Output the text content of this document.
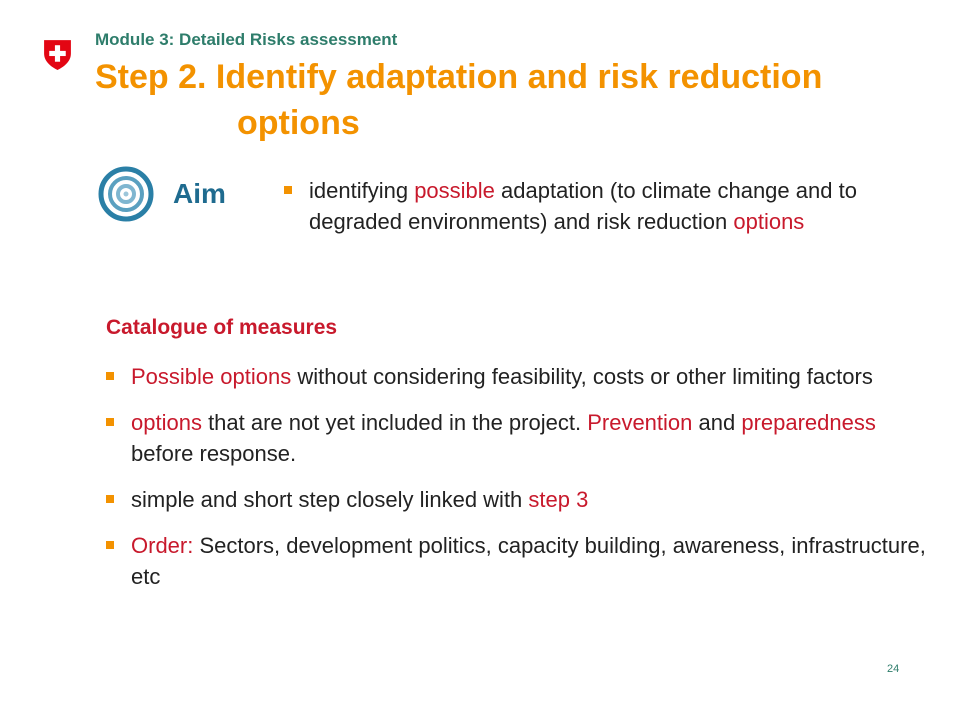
Module 3: Detailed Risks assessment
Step 2. Identify adaptation and risk reduction
options
Aim	identifying possible adaptation (to climate change and to degraded environments) and risk reduction options
Catalogue of measures
Possible options without considering feasibility, costs or other limiting factors
options that are not yet included in the project. Prevention and preparedness before response.
simple and short step closely linked with step 3
Order: Sectors, development politics, capacity building, awareness, infrastructure, etc
24
